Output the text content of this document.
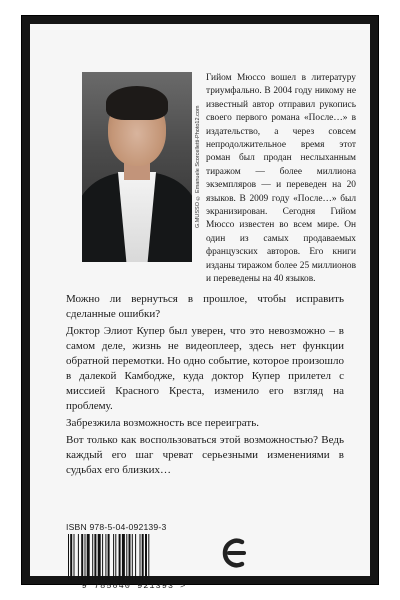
G.MUSSO © Emanuele Scorcelletti-Photo12.com
Гийом Мюссо вошел в литературу триумфально. В 2004 году никому не известный автор отправил рукопись своего первого романа «После…» в издательство, а через совсем непродолжительное время этот роман был продан неслыханным тиражом — более миллиона экземпляров — и переведен на 20 языков. В 2009 году «После…» был экранизирован. Сегодня Гийом Мюссо известен во всем мире. Он один из самых продаваемых французских авторов. Его книги изданы тиражом более 25 миллионов и переведены на 40 языков.

Можно ли вернуться в прошлое, чтобы исправить сделанные ошибки?

Доктор Элиот Купер был уверен, что это невозможно – в самом деле, жизнь не видеоплеер, здесь нет функции обратной перемотки. Но одно событие, которое произошло в далекой Камбодже, куда доктор Купер прилетел с миссией Красного Креста, изменило его взгляд на проблему.

Забрезжила возможность все переиграть.

Вот только как воспользоваться этой возможностью? Ведь каждый его шаг чреват серьезными изменениями в судьбах его близких…

ISBN 978-5-04-092139-3
9 785040 921393 >
